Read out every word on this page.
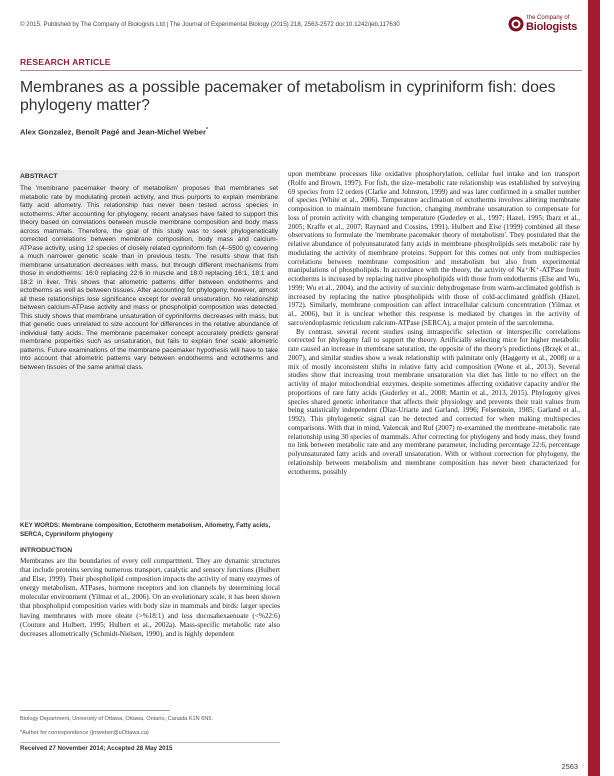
© 2015. Published by The Company of Biologists Ltd | The Journal of Experimental Biology (2015) 218, 2563-2572 doi:10.1242/jeb.117630
the Company of
Biologists
RESEARCH ARTICLE
Membranes as a possible pacemaker of metabolism in cypriniform fish: does phylogeny matter?
Alex Gonzalez, Benoît Pagé and Jean-Michel Weber*
ABSTRACT

The 'membrane pacemaker theory of metabolism' proposes that membranes set metabolic rate by modulating protein activity, and thus purports to explain membrane fatty acid allometry. This relationship has never been tested across species in ectotherms. After accounting for phylogeny, recent analyses have failed to support this theory based on correlations between muscle membrane composition and body mass across mammals. Therefore, the goal of this study was to seek phylogenetically corrected correlations between membrane composition, body mass and calcium-ATPase activity, using 12 species of closely related cypriniform fish (4–5500 g) covering a much narrower genetic scale than in previous tests. The results show that fish membrane unsaturation decreases with mass, but through different mechanisms from those in endotherms: 16:0 replacing 22:6 in muscle and 18:0 replacing 16:1, 18:1 and 18:2 in liver. This shows that allometric patterns differ between endotherms and ectotherms as well as between tissues. After accounting for phylogeny, however, almost all these relationships lose significance except for overall unsaturation. No relationship between calcium-ATPase activity and mass or phospholipid composition was detected. This study shows that membrane unsaturation of cypriniforms decreases with mass, but that genetic cues unrelated to size account for differences in the relative abundance of individual fatty acids. The membrane pacemaker concept accurately predicts general membrane properties such as unsaturation, but fails to explain finer scale allometric patterns. Future examinations of the membrane pacemaker hypothesis will have to take into account that allometric patterns vary between endotherms and ectotherms and between tissues of the same animal class.

KEY WORDS: Membrane composition, Ectotherm metabolism, Allometry, Fatty acids, SERCA, Cypriniform phylogeny
INTRODUCTION

Membranes are the boundaries of every cell compartment. They are dynamic structures that include proteins serving numerous transport, catalytic and sensory functions (Hulbert and Else, 1999). Their phospholipid composition impacts the activity of many enzymes of energy metabolism, ATPases, hormone receptors and ion channels by determining local molecular environment (Yilmaz et al., 2006). On an evolutionary scale, it has been shown that phospholipid composition varies with body size in mammals and birds: larger species having membranes with more oleate (>%18:1) and less docosahexaenoate (<%22:6) (Couture and Hulbert, 1995; Hulbert et al., 2002a). Mass-specific metabolic rate also decreases allometrically (Schmidt-Nielsen, 1990), and is highly dependent

Biology Department, University of Ottawa, Ottawa, Ontario, Canada K1N 6N5.
*Author for correspondence (jmweber@uOttawa.ca)
Received 27 November 2014; Accepted 28 May 2015

upon membrane processes like oxidative phosphorylation, cellular fuel intake and ion transport (Rolfe and Brown, 1997). For fish, the size–metabolic rate relationship was established by surveying 69 species from 12 orders (Clarke and Johnston, 1999) and was later confirmed in a smaller number of species (White et al., 2006). Temperature acclimation of ectotherms involves altering membrane composition to maintain membrane function, changing membrane unsaturation to compensate for loss of protein activity with changing temperature (Guderley et al., 1997; Hazel, 1995; Ibarz et al., 2005; Kraffe et al., 2007; Raynard and Cossins, 1991). Hulbert and Else (1999) combined all these observations to formulate the 'membrane pacemaker theory of metabolism'. They postulated that the relative abundance of polyunsaturated fatty acids in membrane phospholipids sets metabolic rate by modulating the activity of membrane proteins. Support for this comes not only from multispecies correlations between membrane composition and metabolism but also from experimental manipulations of phospholipids. In accordance with the theory, the activity of Na⁺/K⁺-ATPase from ectotherms is increased by replacing native phospholipids with those from endotherms (Else and Wu, 1999; Wu et al., 2004), and the activity of succinic dehydrogenase from warm-acclimated goldfish is increased by replacing the native phospholipids with those of cold-acclimated goldfish (Hazel, 1972). Similarly, membrane composition can affect intracellular calcium concentration (Yilmaz et al., 2006), but it is unclear whether this response is mediated by changes in the activity of sarco/endoplasmic reticulum calcium-ATPase (SERCA), a major protein of the sarcolemma.

By contrast, several recent studies using intraspecific selection or interspecific correlations corrected for phylogeny fail to support the theory. Artificially selecting mice for higher metabolic rate caused an increase in membrane saturation, the opposite of the theory's predictions (Brzęk et al., 2007), and similar studies show a weak relationship with palmitate only (Haggerty et al., 2008) or a mix of mostly inconsistent shifts in relative fatty acid composition (Wone et al., 2013). Several studies show that increasing trout membrane unsaturation via diet has little to no effect on the activity of major mitochondrial enzymes, despite sometimes affecting oxidative capacity and/or the proportions of rare fatty acids (Guderley et al., 2008; Martin et al., 2013, 2015). Phylogeny gives species shared genetic inheritance that affects their physiology and prevents their trait values from being statistically independent (Díaz-Uriarte and Garland, 1996; Felsenstein, 1985; Garland et al., 1992). This phylogenetic signal can be detected and corrected for when making multispecies comparisons. With that in mind, Valencak and Ruf (2007) re-examined the membrane–metabolic rate relationship using 30 species of mammals. After correcting for phylogeny and body mass, they found no link between metabolic rate and any membrane parameter, including percentage 22:6, percentage polyunsaturated fatty acids and overall unsaturation. With or without correction for phylogeny, the relationship between metabolism and membrane composition has never been characterized for ectotherms, possibly

The Journal of Experimental Biology
2563
